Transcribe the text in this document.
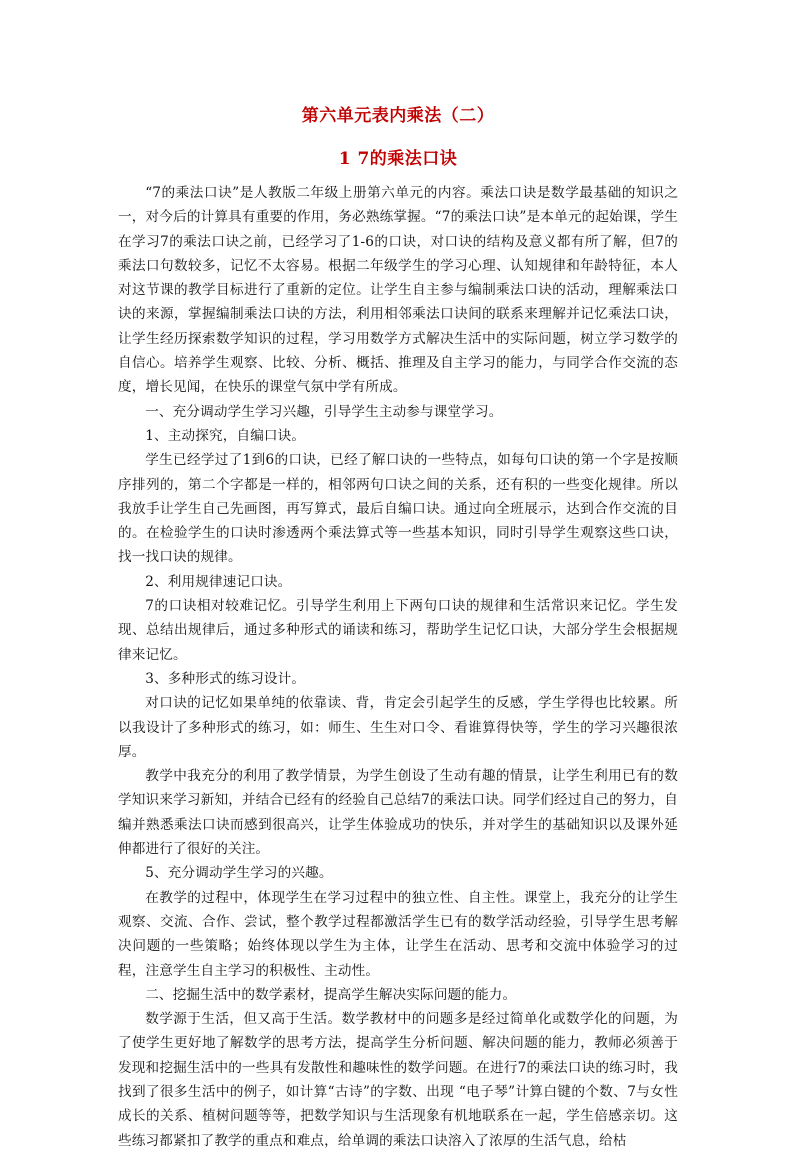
第六单元表内乘法（二）
1 7的乘法口诀

“7的乘法口诀”是人教版二年级上册第六单元的内容。乘法口诀是数学最基础的知识之一，对今后的计算具有重要的作用，务必熟练掌握。“7的乘法口诀”是本单元的起始课，学生在学习7的乘法口诀之前，已经学习了1-6的口诀，对口诀的结构及意义都有所了解，但7的乘法口句数较多，记忆不太容易。根据二年级学生的学习心理、认知规律和年龄特征，本人对这节课的教学目标进行了重新的定位。让学生自主参与编制乘法口诀的活动，理解乘法口诀的来源，掌握编制乘法口诀的方法，利用相邻乘法口诀间的联系来理解并记忆乘法口诀，让学生经历探索数学知识的过程，学习用数学方式解决生活中的实际问题，树立学习数学的自信心。培养学生观察、比较、分析、概括、推理及自主学习的能力，与同学合作交流的态度，增长见闻，在快乐的课堂气氛中学有所成。

一、充分调动学生学习兴趣，引导学生主动参与课堂学习。

1、主动探究，自编口诀。

学生已经学过了1到6的口诀，已经了解口诀的一些特点，如每句口诀的第一个字是按顺序排列的，第二个字都是一样的，相邻两句口诀之间的关系，还有积的一些变化规律。所以我放手让学生自己先画图，再写算式，最后自编口诀。通过向全班展示，达到合作交流的目的。在检验学生的口诀时渗透两个乘法算式等一些基本知识，同时引导学生观察这些口诀，找一找口诀的规律。

2、利用规律速记口诀。

7的口诀相对较难记忆。引导学生利用上下两句口诀的规律和生活常识来记忆。学生发现、总结出规律后，通过多种形式的诵读和练习，帮助学生记忆口诀，大部分学生会根据规律来记忆。

3、多种形式的练习设计。

对口诀的记忆如果单纯的依靠读、背，肯定会引起学生的反感，学生学得也比较累。所以我设计了多种形式的练习，如：师生、生生对口令、看谁算得快等，学生的学习兴趣很浓厚。

教学中我充分的利用了教学情景，为学生创设了生动有趣的情景，让学生利用已有的数学知识来学习新知，并结合已经有的经验自己总结7的乘法口诀。同学们经过自己的努力，自编并熟悉乘法口诀而感到很高兴，让学生体验成功的快乐，并对学生的基础知识以及课外延伸都进行了很好的关注。

5、充分调动学生学习的兴趣。

在教学的过程中，体现学生在学习过程中的独立性、自主性。课堂上，我充分的让学生观察、交流、合作、尝试，整个教学过程都激活学生已有的数学活动经验，引导学生思考解决问题的一些策略；始终体现以学生为主体，让学生在活动、思考和交流中体验学习的过程，注意学生自主学习的积极性、主动性。

二、挖掘生活中的数学素材，提高学生解决实际问题的能力。

数学源于生活，但又高于生活。数学教材中的问题多是经过简单化或数学化的问题，为了使学生更好地了解数学的思考方法，提高学生分析问题、解决问题的能力，教师必须善于发现和挖掘生活中的一些具有发散性和趣味性的数学问题。在进行7的乘法口诀的练习时，我找到了很多生活中的例子，如计算“古诗”的字数、出现 “电子琴”计算白键的个数、7与女性成长的关系、植树问题等等，把数学知识与生活现象有机地联系在一起，学生倍感亲切。这些练习都紧扣了教学的重点和难点，给单调的乘法口诀溶入了浓厚的生活气息，给枯
